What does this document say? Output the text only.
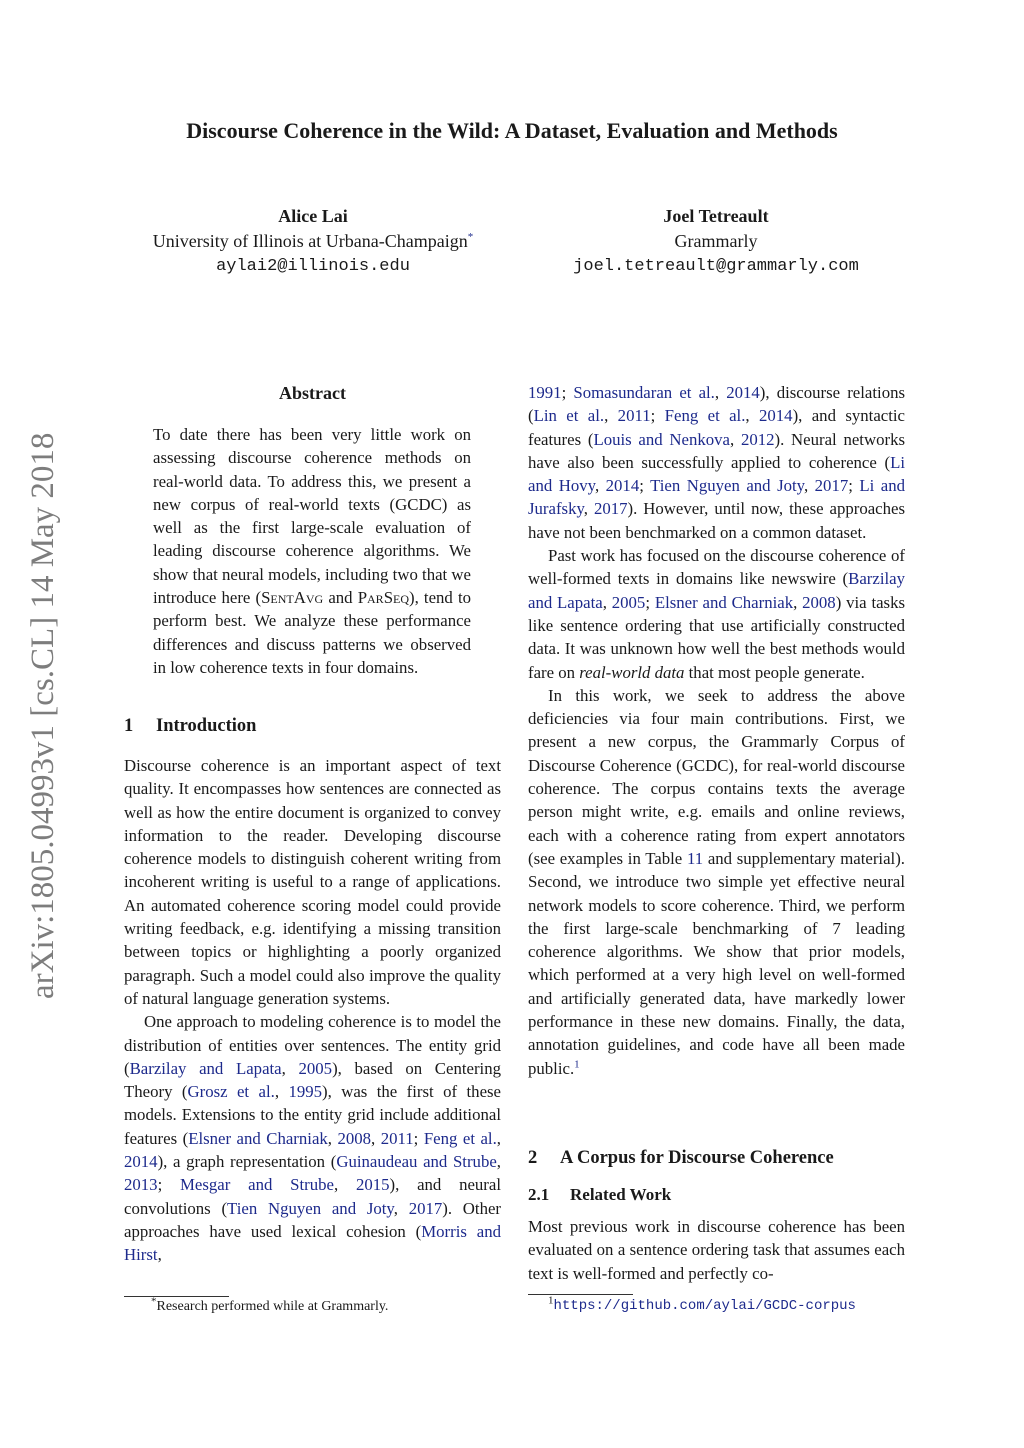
Discourse Coherence in the Wild: A Dataset, Evaluation and Methods
Alice Lai
University of Illinois at Urbana-Champaign*
aylai2@illinois.edu
Joel Tetreault
Grammarly
joel.tetreault@grammarly.com
arXiv:1805.04993v1 [cs.CL] 14 May 2018
Abstract

To date there has been very little work on assessing discourse coherence methods on real-world data. To address this, we present a new corpus of real-world texts (GCDC) as well as the first large-scale evaluation of leading discourse coherence algorithms. We show that neural models, including two that we introduce here (SentAvg and ParSeq), tend to perform best. We analyze these performance differences and discuss patterns we observed in low coherence texts in four domains.

1 Introduction

Discourse coherence is an important aspect of text quality. It encompasses how sentences are connected as well as how the entire document is organized to convey information to the reader. Developing discourse coherence models to distinguish coherent writing from incoherent writing is useful to a range of applications. An automated coherence scoring model could provide writing feedback, e.g. identifying a missing transition between topics or highlighting a poorly organized paragraph. Such a model could also improve the quality of natural language generation systems.

One approach to modeling coherence is to model the distribution of entities over sentences. The entity grid (Barzilay and Lapata, 2005), based on Centering Theory (Grosz et al., 1995), was the first of these models. Extensions to the entity grid include additional features (Elsner and Charniak, 2008, 2011; Feng et al., 2014), a graph representation (Guinaudeau and Strube, 2013; Mesgar and Strube, 2015), and neural convolutions (Tien Nguyen and Joty, 2017). Other approaches have used lexical cohesion (Morris and Hirst,

*Research performed while at Grammarly.

1991; Somasundaran et al., 2014), discourse relations (Lin et al., 2011; Feng et al., 2014), and syntactic features (Louis and Nenkova, 2012). Neural networks have also been successfully applied to coherence (Li and Hovy, 2014; Tien Nguyen and Joty, 2017; Li and Jurafsky, 2017). However, until now, these approaches have not been benchmarked on a common dataset.

Past work has focused on the discourse coherence of well-formed texts in domains like newswire (Barzilay and Lapata, 2005; Elsner and Charniak, 2008) via tasks like sentence ordering that use artificially constructed data. It was unknown how well the best methods would fare on real-world data that most people generate.

In this work, we seek to address the above deficiencies via four main contributions. First, we present a new corpus, the Grammarly Corpus of Discourse Coherence (GCDC), for real-world discourse coherence. The corpus contains texts the average person might write, e.g. emails and online reviews, each with a coherence rating from expert annotators (see examples in Table 11 and supplementary material). Second, we introduce two simple yet effective neural network models to score coherence. Third, we perform the first large-scale benchmarking of 7 leading coherence algorithms. We show that prior models, which performed at a very high level on well-formed and artificially generated data, have markedly lower performance in these new domains. Finally, the data, annotation guidelines, and code have all been made public.$^1$

2 A Corpus for Discourse Coherence
2.1 Related Work

Most previous work in discourse coherence has been evaluated on a sentence ordering task that assumes each text is well-formed and perfectly co-

$^1$https://github.com/aylai/GCDC-corpus
